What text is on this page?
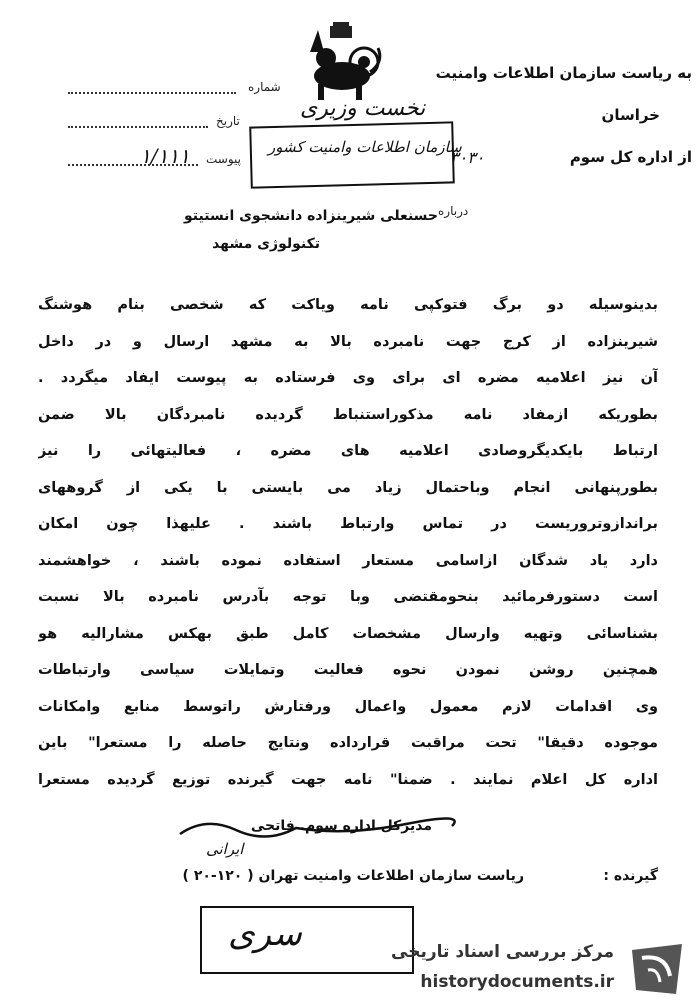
به ریاست سازمان اطلاعات وامنیت
شماره
خراسان
نخست وزیری
تاریخ
از اداره کل سوم
۳۰۳۰
۱/۱۱۱ پیوست
سازمان اطلاعات وامنیت کشور
درباره
حسنعلی شیرینزاده دانشجوی انستیتو
تکنولوژی مشهد
بدینوسیله دو برگ فتوکپی نامه ویاکت که شخصی بنام هوشنگ
شیرینزاده از کرج جهت نامبرده بالا به مشهد ارسال و در داخل
آن نیز اعلامیه مضره ای برای وی فرستاده به پیوست ایفاد میگردد .
بطوریکه ازمفاد نامه مذکوراستنباط گردیده نامبردگان بالا ضمن
ارتباط بایکدیگروصادی اعلامیه های مضره ، فعالیتهائی را نیز
بطورپنهانی انجام وباحتمال زیاد می بایستی با یکی از گروههای
براندازوتروریست در تماس وارتباط باشند . علیهذا چون امکان
دارد یاد شدگان ازاسامی مستعار استفاده نموده باشند ، خواهشمند
است دستورفرمائید بنحومقتضی وبا توجه بآدرس نامبرده بالا نسبت
بشناسائی وتهیه وارسال مشخصات کامل طبق بهکس مشارالیه هو
همچنین روشن نمودن نحوه فعالیت وتمایلات سیاسی وارتباطات
وی اقدامات لازم معمول واعمال ورفتارش راتوسط منابع وامکانات
موجوده دقیقا" تحت مراقبت قرارداده ونتایج حاصله را مستعرا" باین
اداره کل اعلام نمایند . ضمنا" نامه جهت گیرنده توزیع گردیده مستعرا
مدیرکل اداره سوم. فاتحی
ایرانی
گیرنده :
ریاست سازمان اطلاعات وامنیت تهران ( ۱۲۰-۲۰ )
سری	مرکز بررسی اسناد تاریخی
historydocuments.ir
